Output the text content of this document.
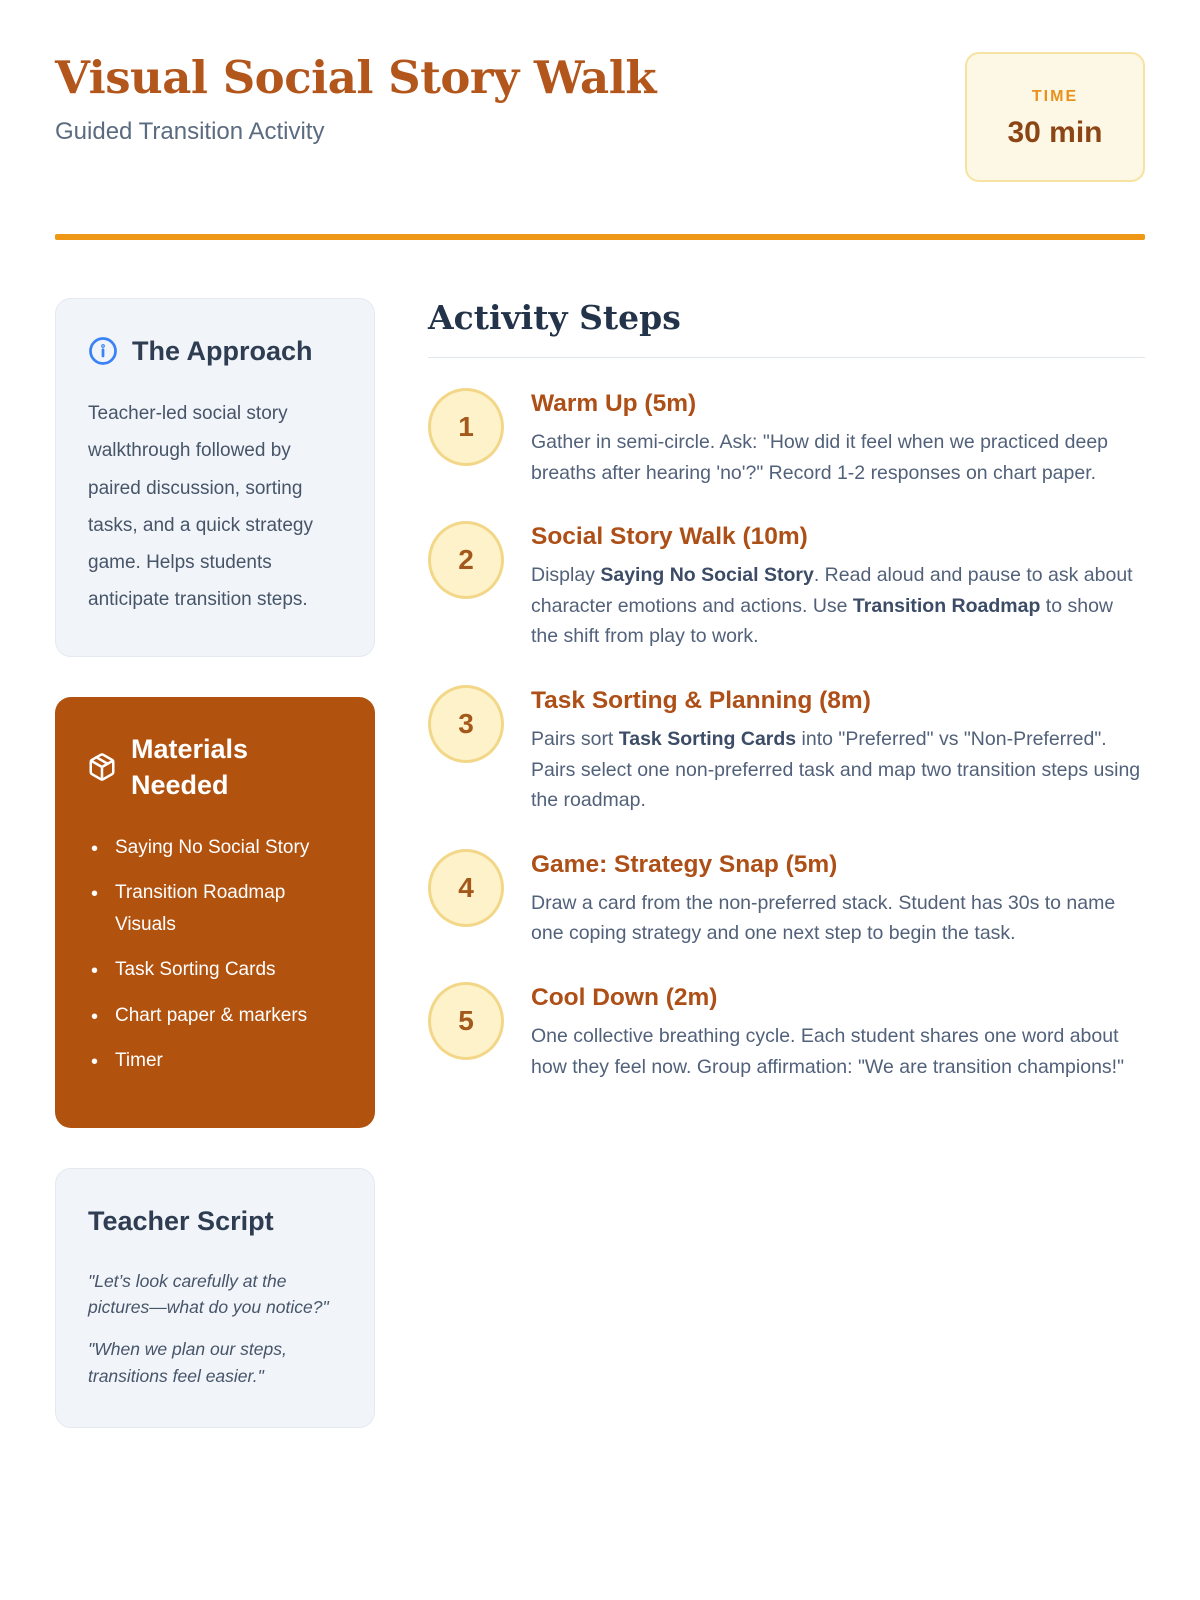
Visual Social Story Walk

Guided Transition Activity

TIME
30 min
The Approach

Teacher-led social story walkthrough followed by paired discussion, sorting tasks, and a quick strategy game. Helps students anticipate transition steps.

Materials Needed
• Saying No Social Story
• Transition Roadmap Visuals
• Task Sorting Cards
• Chart paper & markers
• Timer
Teacher Script

"Let’s look carefully at the pictures—what do you notice?"

"When we plan our steps, transitions feel easier."

Activity Steps
1
Warm Up (5m)
Gather in semi-circle. Ask: "How did it feel when we practiced deep breaths after hearing 'no'?" Record 1-2 responses on chart paper.
2
Social Story Walk (10m)
Display Saying No Social Story. Read aloud and pause to ask about character emotions and actions. Use Transition Roadmap to show the shift from play to work.
3
Task Sorting & Planning (8m)
Pairs sort Task Sorting Cards into "Preferred" vs "Non-Preferred". Pairs select one non-preferred task and map two transition steps using the roadmap.
4
Game: Strategy Snap (5m)
Draw a card from the non-preferred stack. Student has 30s to name one coping strategy and one next step to begin the task.
5
Cool Down (2m)
One collective breathing cycle. Each student shares one word about how they feel now. Group affirmation: "We are transition champions!"
